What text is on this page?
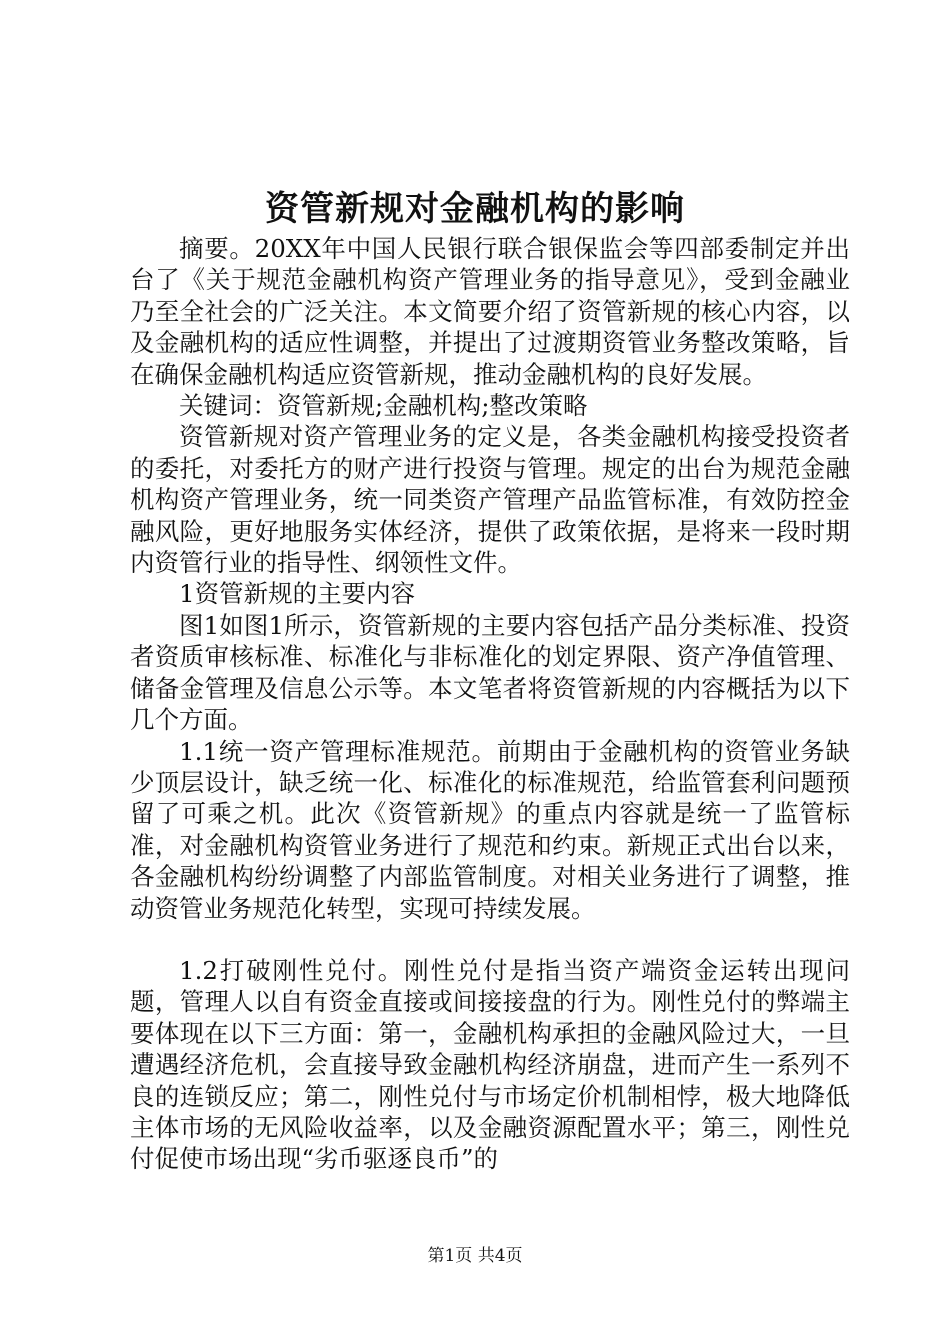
资管新规对金融机构的影响

摘要。20XX年中国人民银行联合银保监会等四部委制定并出台了《关于规范金融机构资产管理业务的指导意见》，受到金融业乃至全社会的广泛关注。本文简要介绍了资管新规的核心内容，以及金融机构的适应性调整，并提出了过渡期资管业务整改策略，旨在确保金融机构适应资管新规，推动金融机构的良好发展。

关键词：资管新规;金融机构;整改策略

资管新规对资产管理业务的定义是，各类金融机构接受投资者的委托，对委托方的财产进行投资与管理。规定的出台为规范金融机构资产管理业务，统一同类资产管理产品监管标准，有效防控金融风险，更好地服务实体经济，提供了政策依据，是将来一段时期内资管行业的指导性、纲领性文件。

1资管新规的主要内容

图1如图1所示，资管新规的主要内容包括产品分类标准、投资者资质审核标准、标准化与非标准化的划定界限、资产净值管理、储备金管理及信息公示等。本文笔者将资管新规的内容概括为以下几个方面。

1.1统一资产管理标准规范。前期由于金融机构的资管业务缺少顶层设计，缺乏统一化、标准化的标准规范，给监管套利问题预留了可乘之机。此次《资管新规》的重点内容就是统一了监管标准，对金融机构资管业务进行了规范和约束。新规正式出台以来，各金融机构纷纷调整了内部监管制度。对相关业务进行了调整，推动资管业务规范化转型，实现可持续发展。

1.2打破刚性兑付。刚性兑付是指当资产端资金运转出现问题，管理人以自有资金直接或间接接盘的行为。刚性兑付的弊端主要体现在以下三方面：第一，金融机构承担的金融风险过大，一旦遭遇经济危机，会直接导致金融机构经济崩盘，进而产生一系列不良的连锁反应；第二，刚性兑付与市场定价机制相悖，极大地降低主体市场的无风险收益率，以及金融资源配置水平；第三，刚性兑付促使市场出现“劣币驱逐良币”的

第1页 共4页
